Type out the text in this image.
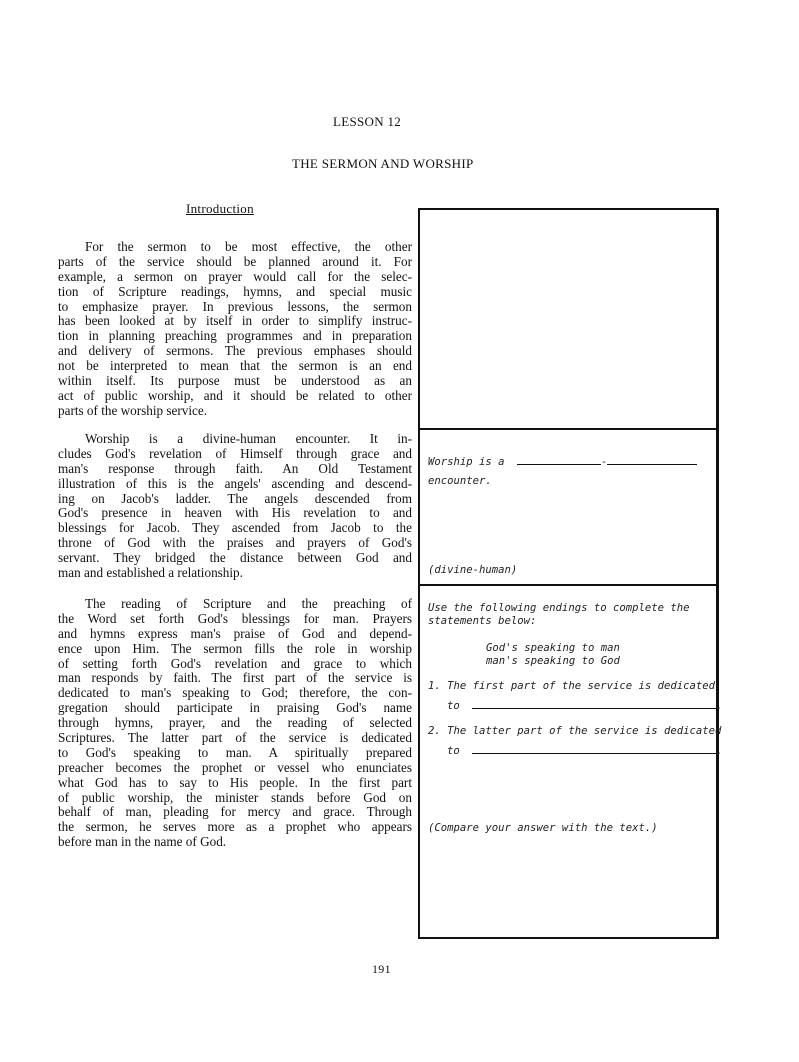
LESSON 12
THE SERMON AND WORSHIP
Introduction
For the sermon to be most effective, the other
parts of the service should be planned around it. For
example, a sermon on prayer would call for the selec-
tion of Scripture readings, hymns, and special music
to emphasize prayer. In previous lessons, the sermon
has been looked at by itself in order to simplify instruc-
tion in planning preaching programmes and in preparation
and delivery of sermons. The previous emphases should
not be interpreted to mean that the sermon is an end
within itself. Its purpose must be understood as an
act of public worship, and it should be related to other
parts of the worship service.
Worship is a divine-human encounter. It in-
cludes God's revelation of Himself through grace and
man's response through faith. An Old Testament
illustration of this is the angels' ascending and descend-
ing on Jacob's ladder. The angels descended from
God's presence in heaven with His revelation to and
blessings for Jacob. They ascended from Jacob to the
throne of God with the praises and prayers of God's
servant. They bridged the distance between God and
man and established a relationship.
The reading of Scripture and the preaching of
the Word set forth God's blessings for man. Prayers
and hymns express man's praise of God and depend-
ence upon Him. The sermon fills the role in worship
of setting forth God's revelation and grace to which
man responds by faith. The first part of the service is
dedicated to man's speaking to God; therefore, the con-
gregation should participate in praising God's name
through hymns, prayer, and the reading of selected
Scriptures. The latter part of the service is dedicated
to God's speaking to man. A spiritually prepared
preacher becomes the prophet or vessel who enunciates
what God has to say to His people. In the first part
of public worship, the minister stands before God on
behalf of man, pleading for mercy and grace. Through
the sermon, he serves more as a prophet who appears
before man in the name of God.
Worship is a	-
encounter.
(divine-human)
Use the following endings to complete the
statements below:
God's speaking to man
man's speaking to God
1. The first part of the service is dedicated
to	.
2. The latter part of the service is dedicated
to	.
(Compare your answer with the text.)
191
